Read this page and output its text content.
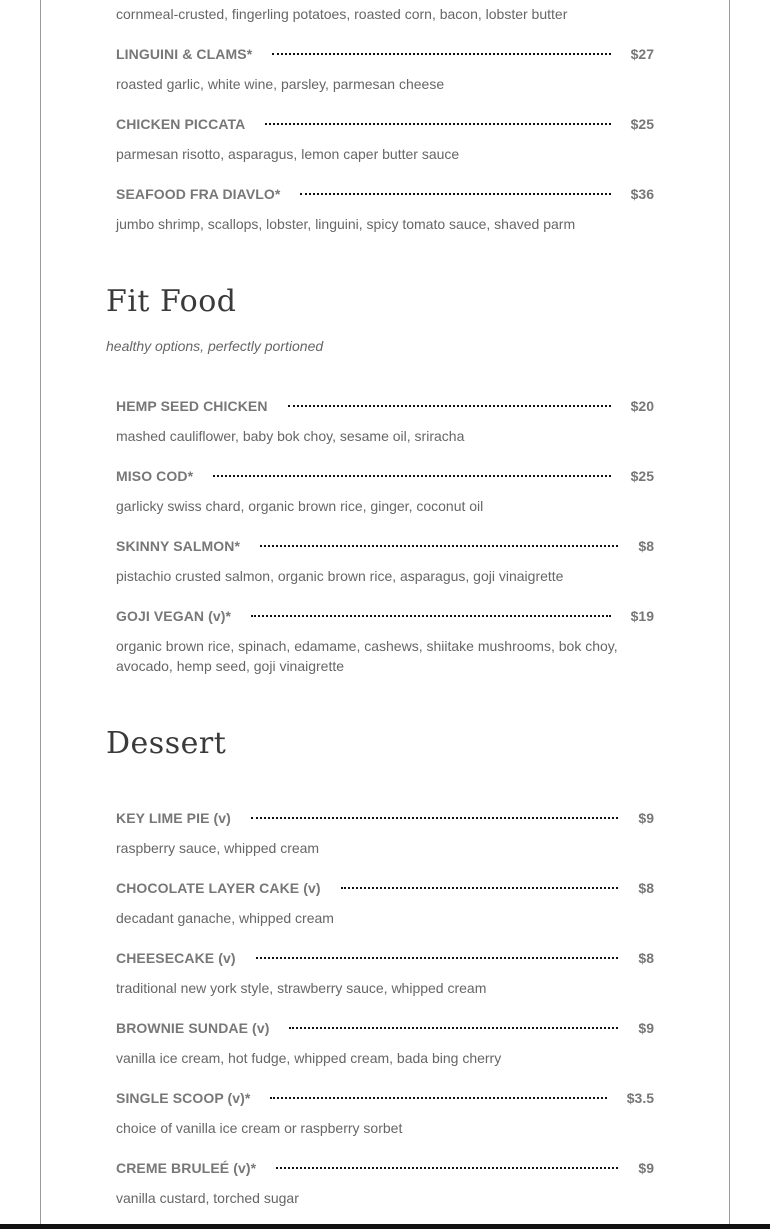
cornmeal-crusted, fingerling potatoes, roasted corn, bacon, lobster butter
LINGUINI & CLAMS*	$27
roasted garlic, white wine, parsley, parmesan cheese
CHICKEN PICCATA	$25
parmesan risotto, asparagus, lemon caper butter sauce
SEAFOOD FRA DIAVLO*	$36
jumbo shrimp, scallops, lobster, linguini, spicy tomato sauce, shaved parm
Fit Food
healthy options, perfectly portioned
HEMP SEED CHICKEN	$20
mashed cauliflower, baby bok choy, sesame oil, sriracha
MISO COD*	$25
garlicky swiss chard, organic brown rice, ginger, coconut oil
SKINNY SALMON*	$8
pistachio crusted salmon, organic brown rice, asparagus, goji vinaigrette
GOJI VEGAN (v)*	$19
organic brown rice, spinach, edamame, cashews, shiitake mushrooms, bok choy, avocado, hemp seed, goji vinaigrette
Dessert
KEY LIME PIE (v)	$9
raspberry sauce, whipped cream
CHOCOLATE LAYER CAKE (v)	$8
decadant ganache, whipped cream
CHEESECAKE (v)	$8
traditional new york style, strawberry sauce, whipped cream
BROWNIE SUNDAE (v)	$9
vanilla ice cream, hot fudge, whipped cream, bada bing cherry
SINGLE SCOOP (v)*	$3.5
choice of vanilla ice cream or raspberry sorbet
CREME BRULEÉ (v)*	$9
vanilla custard, torched sugar
